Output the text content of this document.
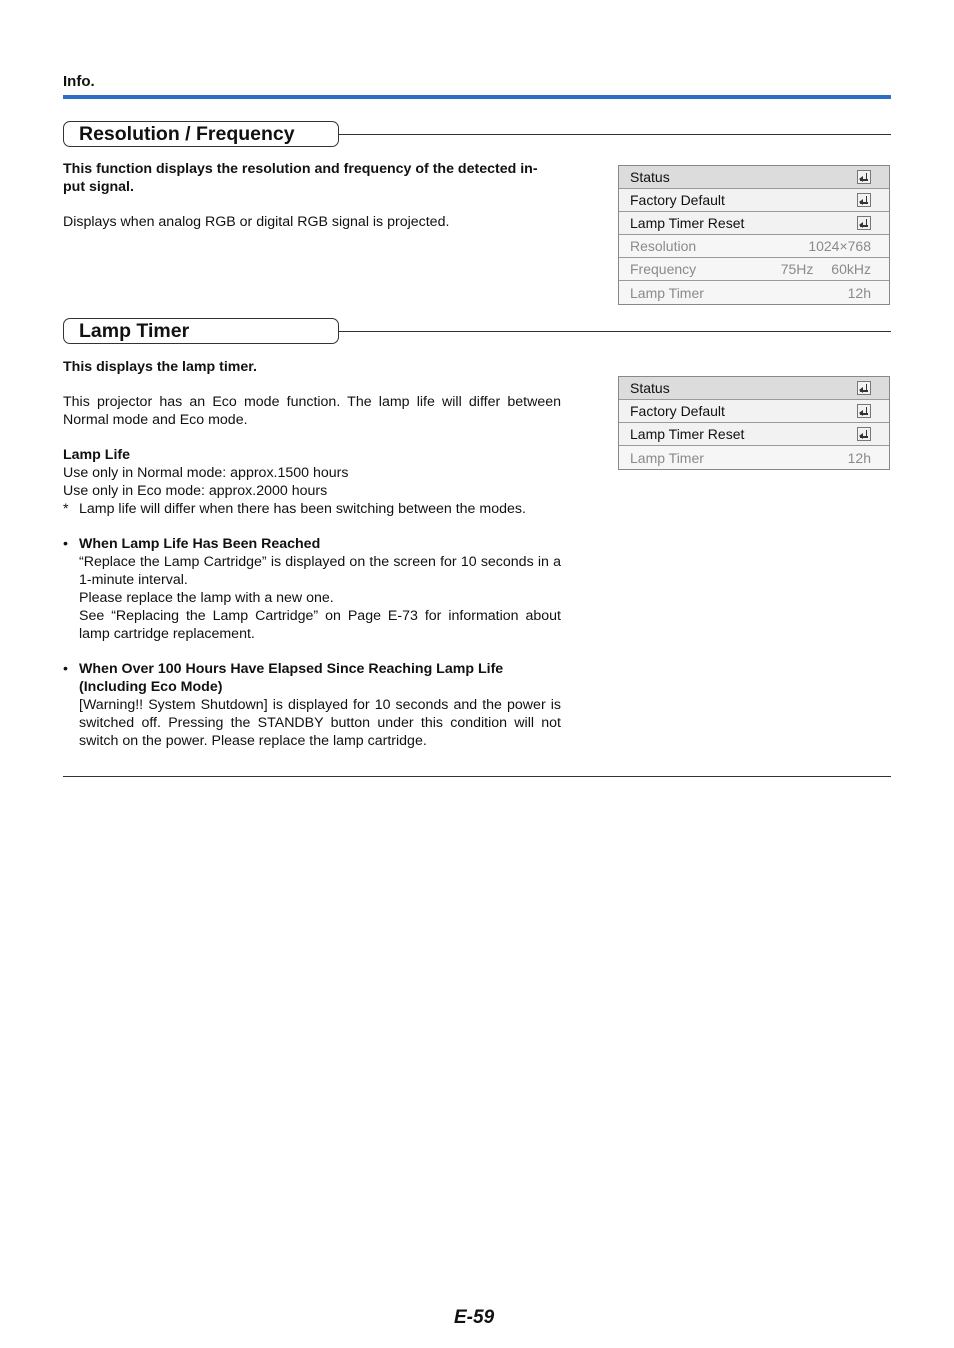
Info.
Resolution / Frequency

This function displays the resolution and frequency of the detected in-

put signal.

Displays when analog RGB or digital RGB signal is projected.

Status
Factory Default
Lamp Timer Reset
Resolution	1024×768
Frequency	75Hz  60kHz
Lamp Timer	12h
Lamp Timer

This displays the lamp timer.

This projector has an Eco mode function. The lamp life will differ between Normal mode and Eco mode.

Lamp Life

Use only in Normal mode: approx.1500 hours

Use only in Eco mode: approx.2000 hours

* Lamp life will differ when there has been switching between the modes.

• When Lamp Life Has Been Reached

“Replace the Lamp Cartridge” is displayed on the screen for 10 seconds in a 1-minute interval.

Please replace the lamp with a new one.

See “Replacing the Lamp Cartridge” on Page E-73 for information about lamp cartridge replacement.

• When Over 100 Hours Have Elapsed Since Reaching Lamp Life

(Including Eco Mode)

[Warning!! System Shutdown] is displayed for 10 seconds and the power is switched off. Pressing the STANDBY button under this condition will not switch on the power. Please replace the lamp cartridge.

Status
Factory Default
Lamp Timer Reset
Lamp Timer	12h
E-59
